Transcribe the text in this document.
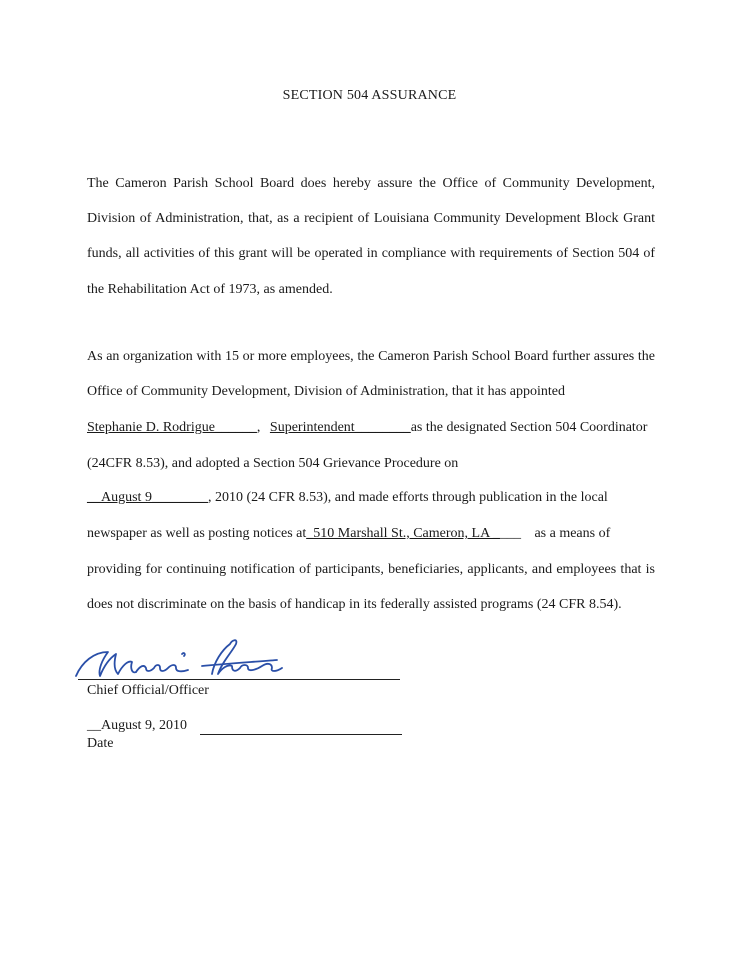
SECTION 504 ASSURANCE
The Cameron Parish School Board does hereby assure the Office of Community Development,
Division of Administration, that, as a recipient of Louisiana Community Development Block Grant
funds, all activities of this grant will be operated in compliance with requirements of Section 504 of
the Rehabilitation Act of 1973, as amended.
As an organization with 15 or more employees, the Cameron Parish School Board further assures the
Office of Community Development, Division of Administration, that it has appointed
Stephanie D. Rodrigue______, Superintendent________as the designated Section 504 Coordinator
(24CFR 8.53), and adopted a Section 504 Grievance Procedure on
__August 9________, 2010 (24 CFR 8.53), and made efforts through publication in the local
newspaper as well as posting notices at_510 Marshall St., Cameron, LA ____ as a means of
providing for continuing notification of participants, beneficiaries, applicants, and employees that is
does not discriminate on the basis of handicap in its federally assisted programs (24 CFR 8.54).
Chief Official/Officer
__August 9, 2010
Date
